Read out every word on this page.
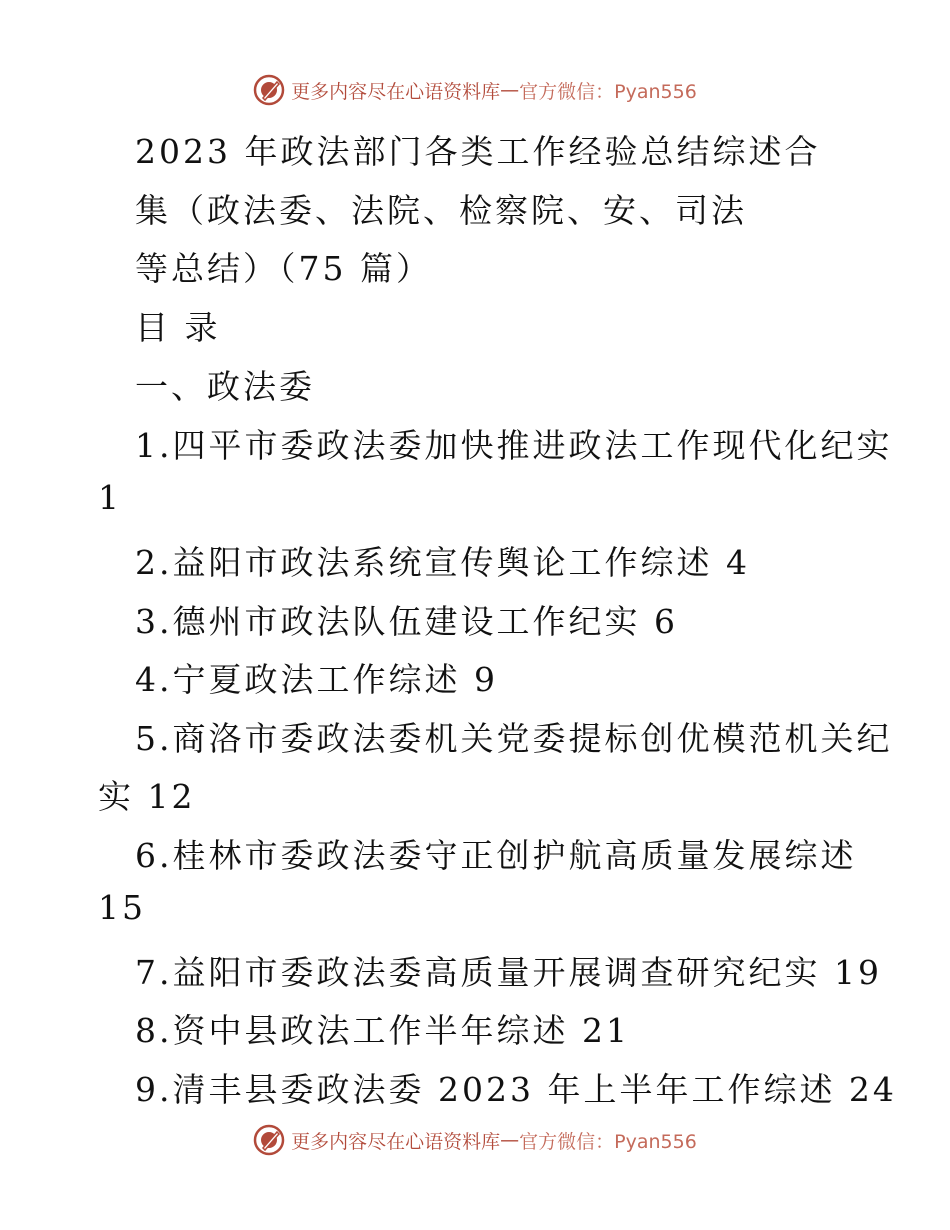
更多内容尽在心语资料库 — 官方微信：Pyan556
2023 年政法部门各类工作经验总结综述合
集（政法委、法院、检察院、安、司法
等总结）（75 篇）
目 录
一、政法委
1.四平市委政法委加快推进政法工作现代化纪实
1
2.益阳市政法系统宣传舆论工作综述 4
3.德州市政法队伍建设工作纪实 6
4.宁夏政法工作综述 9
5.商洛市委政法委机关党委提标创优模范机关纪
实 12
6.桂林市委政法委守正创护航高质量发展综述
15
7.益阳市委政法委高质量开展调查研究纪实 19
8.资中县政法工作半年综述 21
9.清丰县委政法委 2023 年上半年工作综述 24
更多内容尽在心语资料库 — 官方微信：Pyan556
